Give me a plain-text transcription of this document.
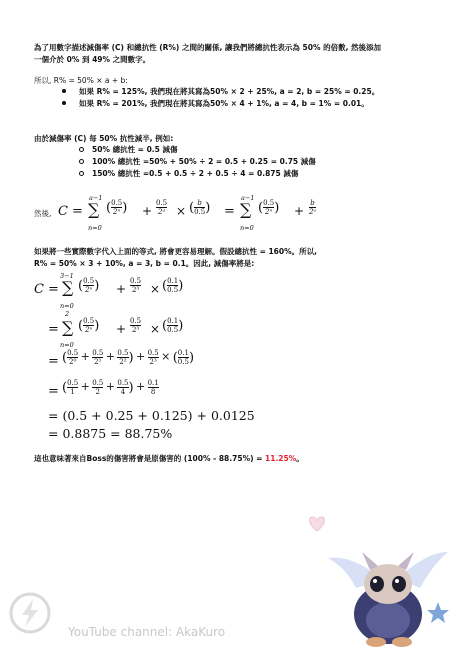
為了用數字描述減傷率 (C) 和總抗性 (R%) 之間的關係, 讓我們將總抗性表示為 50% 的倍數, 然後添加
一個介於 0% 到 49% 之間數字。
所以, R% = 50% × a + b:
如果 R% = 125%, 我們現在將其寫為50% × 2 + 25%, a = 2, b = 25% = 0.25。
如果 R% = 201%, 我們現在將其寫為50% × 4 + 1%, a = 4, b = 1% = 0.01。
由於減傷率 (C) 每 50% 抗性減半, 例如:
50% 總抗性 = 0.5 減傷
100% 總抗性 =50% + 50% ÷ 2 = 0.5 + 0.25 = 0.75 減傷
150% 總抗性 =0.5 + 0.5 ÷ 2 + 0.5 ÷ 4 = 0.875 減傷
然後, C =
a−1
∑
n=0
( $\frac{0.5}{\text{2ⁿ}}$ ) + $\frac{0.5}{\text{2ᵃ}}$ × ( $\frac{b}{0.5}$ ) =
a−1
∑
n=0
( $\frac{0.5}{\text{2ⁿ}}$ ) + $\frac{b}{\text{2ᵃ}}$
如果將一些實際數字代入上面的等式, 將會更容易理解。假設總抗性 = 160%。所以,
R% = 50% × 3 + 10%, a = 3, b = 0.1。因此, 減傷率將是:
C =
3−1
∑
n=0
( $\frac{0.5}{\text{2ⁿ}}$ ) + $\frac{0.5}{\text{2³}}$ × ( $\frac{0.1}{0.5}$ )
=
2
∑
n=0
( $\frac{0.5}{\text{2ⁿ}}$ ) + $\frac{0.5}{\text{2³}}$ × ( $\frac{0.1}{0.5}$ )
= ( $\frac{0.5}{\text{2⁰}} + \frac{0.5}{\text{2¹}} + \frac{0.5}{\text{2²}}$ ) + $\frac{0.5}{\text{2³}}$ × ( $\frac{0.1}{0.5}$ )
= ( $\frac{0.5}{1} + \frac{0.5}{2} + \frac{0.5}{4}$ ) + $\frac{0.1}{8}$
= (0.5 + 0.25 + 0.125) + 0.0125
= 0.8875 = 88.75%
這也意味著來自Boss的傷害將會是原傷害的 (100% - 88.75%) = 11.25%。
YouTube channel: AkaKuro
